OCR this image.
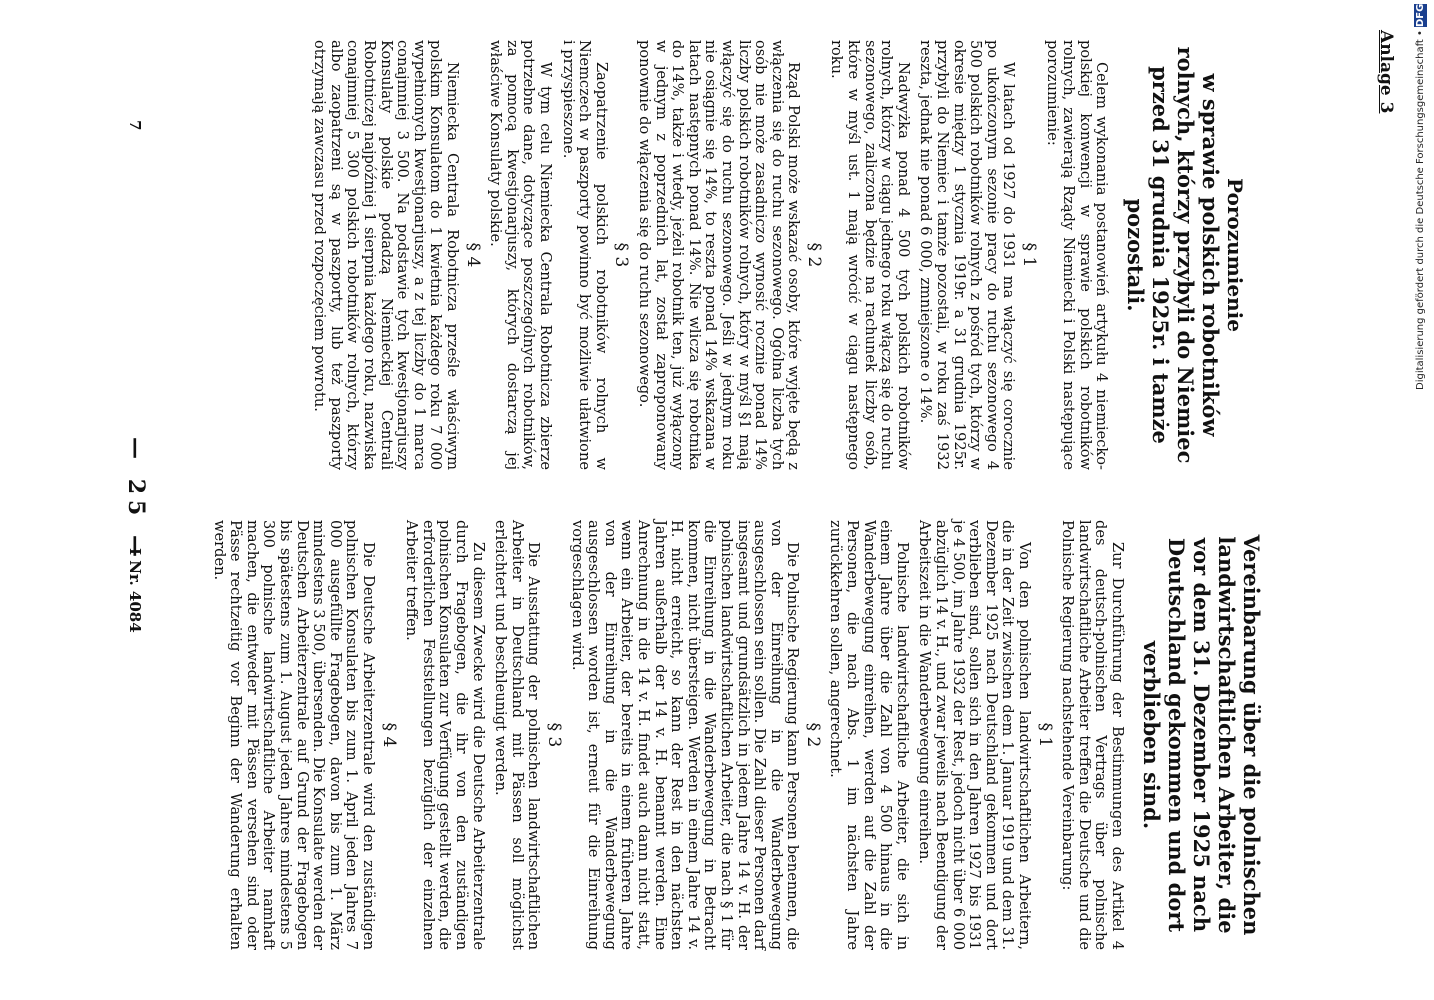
— 25 —
Anlage 3
Porozumienie
w sprawie polskich robotników rolnych, którzy przybyli do Niemiec przed 31 grudnia 1925r. i tamże pozostali.

Celem wykonania postanowień artykułu 4 niemiecko-polskiej konwencji w sprawie polskich robotników rolnych, zawierają Rządy Niemiecki i Polski następujące porozumienie:

§ 1

W latach od 1927 do 1931 ma włączyć się corocznie po ukończonym sezonie pracy do ruchu sezonowego 4 500 polskich robotników rolnych z pośród tych, którzy w okresie między 1 stycznia 1919r. a 31 grudnia 1925r. przybyli do Niemiec i tamże pozostali, w roku zaś 1932 reszta, jednak nie ponad 6 000, zmniejszone o 14%.

Nadwyżka ponad 4 500 tych polskich robotników rolnych, którzy w ciągu jednego roku włączą się do ruchu sezonowego, zaliczona będzie na rachunek liczby osób, które w myśl ust. 1 mają wrócić w ciągu następnego roku.

§ 2

Rząd Polski może wskazać osoby, które wyjęte będą z włączenia się do ruchu sezonowego. Ogólna liczba tych osób nie może zasadniczo wynosić rocznie ponad 14% liczby polskich robotników rolnych, który w myśl §1 mają włączyć się do ruchu sezonowego. Jeśli w jednym roku nie osiągnie się 14%, to reszta ponad 14% wskazana w latach następnych ponad 14%. Nie wlicza się robotnika do 14%, także i wtedy, jeżeli robotnik ten, już wyłączony w jednym z poprzednich lat, został zaproponowany ponownie do włączenia się do ruchu sezonowego.

§ 3

Zaopatrzenie polskich robotników rolnych w Niemczech w paszporty powinno być możliwie ułatwione i przyspieszone.

W tym celu Niemiecka Centrala Robotnicza zbierze potrzebne dane, dotyczące poszczególnych robotników, za pomocą kwestjonarjuszy, których dostarczą jej właściwe Konsulaty polskie.

§ 4

Niemiecka Centrala Robotnicza prześle właściwym polskim Konsulatom do 1 kwietnia każdego roku 7 000 wypełnionych kwestjonarjuszy, a z tej liczby do 1 marca conajmniej 3 500. Na podstawie tych kwestjonarjuszy Konsulaty polskie podadzą Niemieckiej Centrali Robotniczej najpóźniej 1 sierpnia każdego roku, nazwiska conajmniej 5 300 polskich robotników rolnych, którzy albo zaopatrzeni są w paszporty, lub też paszporty otrzymają zawczasu przed rozpoczęciem powrotu.

Vereinbarung über die polnischen landwirtschaftlichen Arbeiter, die vor dem 31. Dezember 1925 nach Deutschland gekommen und dort verblieben sind.

Zur Durchführung der Bestimmungen des Artikel 4 des deutsch-polnischen Vertrags über polnische landwirtschaftliche Arbeiter treffen die Deutsche und die Polnische Regierung nachstehende Vereinbarung:

§ 1

Von den polnischen landwirtschaftlichen Arbeitern, die in der Zeit zwischen dem 1. Januar 1919 und dem 31. Dezember 1925 nach Deutschland gekommen und dort verblieben sind, sollen sich in den Jahren 1927 bis 1931 je 4 500, im Jahre 1932 der Rest, jedoch nicht über 6 000 abzüglich 14 v. H., und zwar jeweils nach Beendigung der Arbeitszeit in die Wanderbewegung einreihen.

Polnische landwirtschaftliche Arbeiter, die sich in einem Jahre über die Zahl von 4 500 hinaus in die Wanderbewegung einreihen, werden auf die Zahl der Personen, die nach Abs. 1 im nächsten Jahre zurückkehren sollen, angerechnet.

§ 2

Die Polnische Regierung kann Personen benennen, die von der Einreihung in die Wanderbewegung ausgeschlossen sein sollen. Die Zahl dieser Personen darf insgesamt und grundsätzlich in jedem Jahre 14 v. H. der polnischen landwirtschaftlichen Arbeiter, die nach § 1 für die Einreihung in die Wanderbewegung in Betracht kommen, nicht übersteigen. Werden in einem Jahre 14 v. H. nicht erreicht, so kann der Rest in den nächsten Jahren außerhalb der 14 v. H. benannt werden. Eine Anrechnung in die 14 v. H. findet auch dann nicht statt, wenn ein Arbeiter, der bereits in einem früheren Jahre von der Einreihung in die Wanderbewegung ausgeschlossen worden ist, erneut für die Einreihung vorgeschlagen wird.

§ 3

Die Ausstattung der polnischen landwirtschaftlichen Arbeiter in Deutschland mit Pässen soll möglichst erleichtert und beschleunigt werden.

Zu diesem Zwecke wird die Deutsche Arbeiterzentrale durch Fragebogen, die ihr von den zuständigen polnischen Konsulaten zur Verfügung gestellt werden, die erforderlichen Feststellungen bezüglich der einzelnen Arbeiter treffen.

§ 4

Die Deutsche Arbeiterzentrale wird den zuständigen polnischen Konsulaten bis zum 1. April jeden Jahres 7 000 ausgefüllte Fragebogen, davon bis zum 1. März mindestens 3 500, übersenden. Die Konsulate werden der Deutschen Arbeiterzentrale auf Grund der Fragebogen bis spätestens zum 1. August jeden Jahres mindestens 5 300 polnische landwirtschaftliche Arbeiter namhaft machen, die entweder mit Pässen versehen sind oder Pässe rechtzeitig vor Beginn der Wanderung erhalten werden.

I Nr. 4084
7	Digitalisierung gefördert durch die Deutsche Forschungsgemeinschaft • DFG
